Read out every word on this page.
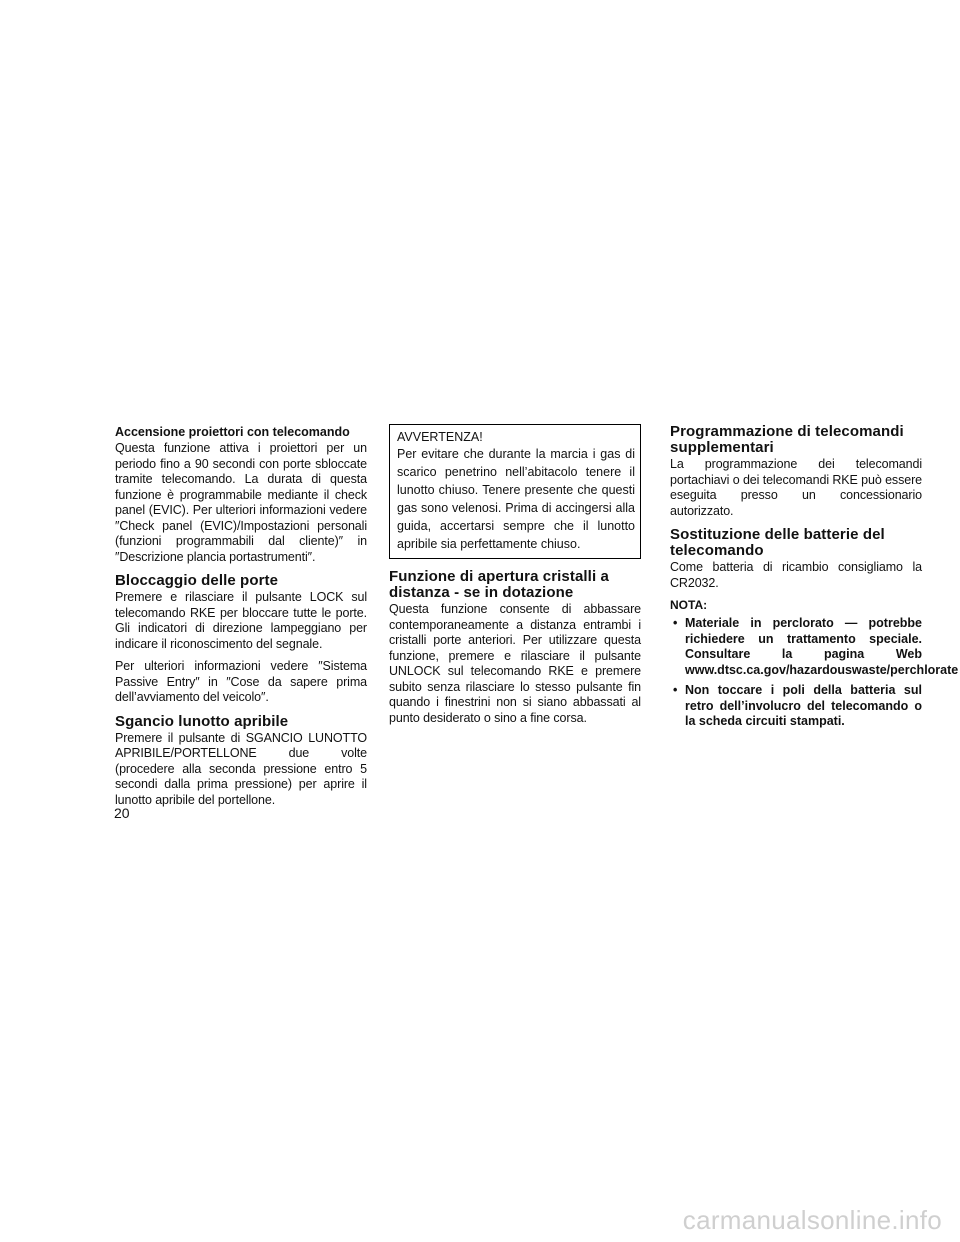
Accensione proiettori con telecomando

Questa funzione attiva i proiettori per un periodo fino a 90 secondi con porte sbloccate tramite telecomando. La durata di questa funzione è programmabile mediante il check panel (EVIC). Per ulteriori informazioni vedere ″Check panel (EVIC)/Impostazioni personali (funzioni programmabili dal cliente)″ in ″Descrizione plancia portastrumenti″.

Bloccaggio delle porte

Premere e rilasciare il pulsante LOCK sul telecomando RKE per bloccare tutte le porte. Gli indicatori di direzione lampeggiano per indicare il riconoscimento del segnale.

Per ulteriori informazioni vedere ″Sistema Passive Entry″ in ″Cose da sapere prima dell’avviamento del veicolo″.

Sgancio lunotto apribile

Premere il pulsante di SGANCIO LUNOTTO APRIBILE/PORTELLONE due volte (procedere alla seconda pressione entro 5 secondi dalla prima pressione) per aprire il lunotto apribile del portellone.

AVVERTENZA!

Per evitare che durante la marcia i gas di scarico penetrino nell’abitacolo tenere il lunotto chiuso. Tenere presente che questi gas sono velenosi. Prima di accingersi alla guida, accertarsi sempre che il lunotto apribile sia perfettamente chiuso.

Funzione di apertura cristalli a distanza - se in dotazione

Questa funzione consente di abbassare contemporaneamente a distanza entrambi i cristalli porte anteriori. Per utilizzare questa funzione, premere e rilasciare il pulsante UNLOCK sul telecomando RKE e premere subito senza rilasciare lo stesso pulsante fin quando i finestrini non si siano abbassati al punto desiderato o sino a fine corsa.

Programmazione di telecomandi supplementari

La programmazione dei telecomandi portachiavi o dei telecomandi RKE può essere eseguita presso un concessionario autorizzato.

Sostituzione delle batterie del telecomando

Come batteria di ricambio consigliamo la CR2032.

NOTA:

• Materiale in perclorato — potrebbe richiedere un trattamento speciale. Consultare la pagina Web www.dtsc.ca.gov/hazardouswaste/perchlorate
• Non toccare i poli della batteria sul retro dell’involucro del telecomando o la scheda circuiti stampati.
20
carmanualsonline.info
